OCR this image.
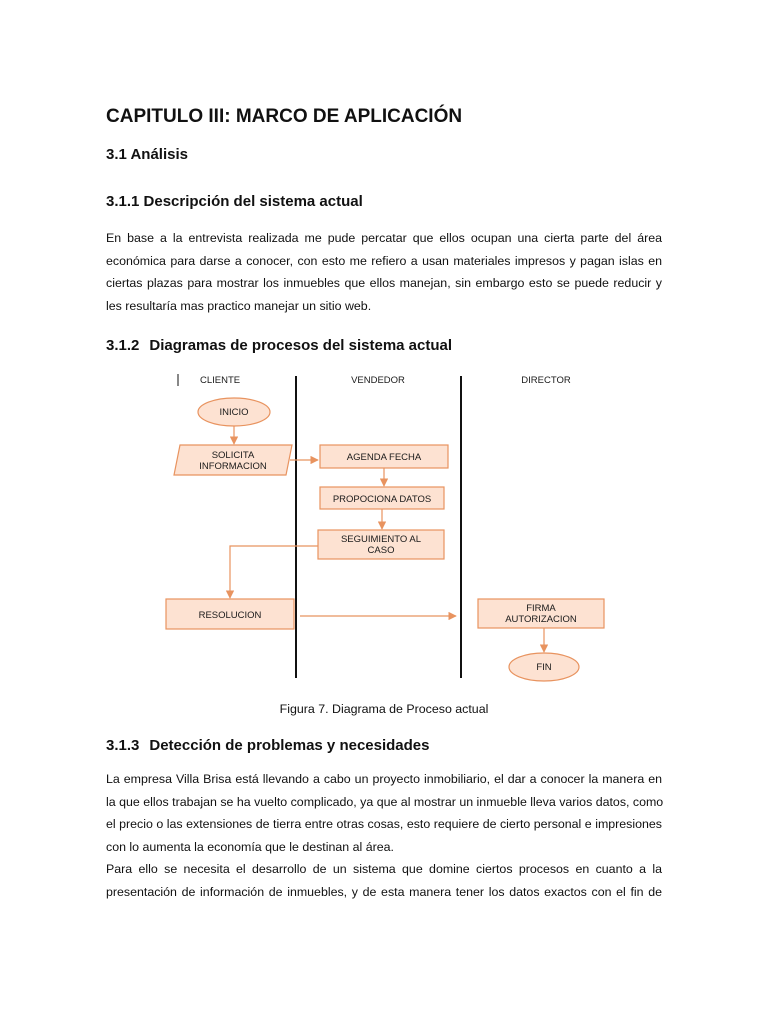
CAPITULO III: MARCO DE APLICACIÓN
3.1 Análisis
3.1.1 Descripción del sistema actual

En base a la entrevista realizada me pude percatar que ellos ocupan una cierta parte del área
económica para darse a conocer, con esto me refiero a usan materiales impresos y pagan islas en
ciertas plazas para mostrar los inmuebles que ellos manejan, sin embargo esto se puede reducir y
les resultaría mas practico manejar un sitio web.

3.1.2 Diagramas de procesos del sistema actual
CLIENTE	VENDEDOR	DIRECTOR
INICIO
SOLICITA
INFORMACION
AGENDA FECHA
PROPOCIONA DATOS
SEGUIMIENTO AL
CASO
RESOLUCION
FIRMA
AUTORIZACION
FIN

Figura 7. Diagrama de Proceso actual

3.1.3 Detección de problemas y necesidades

La empresa Villa Brisa está llevando a cabo un proyecto inmobiliario, el dar a conocer la manera en
la que ellos trabajan se ha vuelto complicado, ya que al mostrar un inmueble lleva varios datos, como
el precio o las extensiones de tierra entre otras cosas, esto requiere de cierto personal e impresiones
con lo aumenta la economía que le destinan al área.
Para ello se necesita el desarrollo de un sistema que domine ciertos procesos en cuanto a la
presentación de información de inmuebles, y de esta manera tener los datos exactos con el fin de
